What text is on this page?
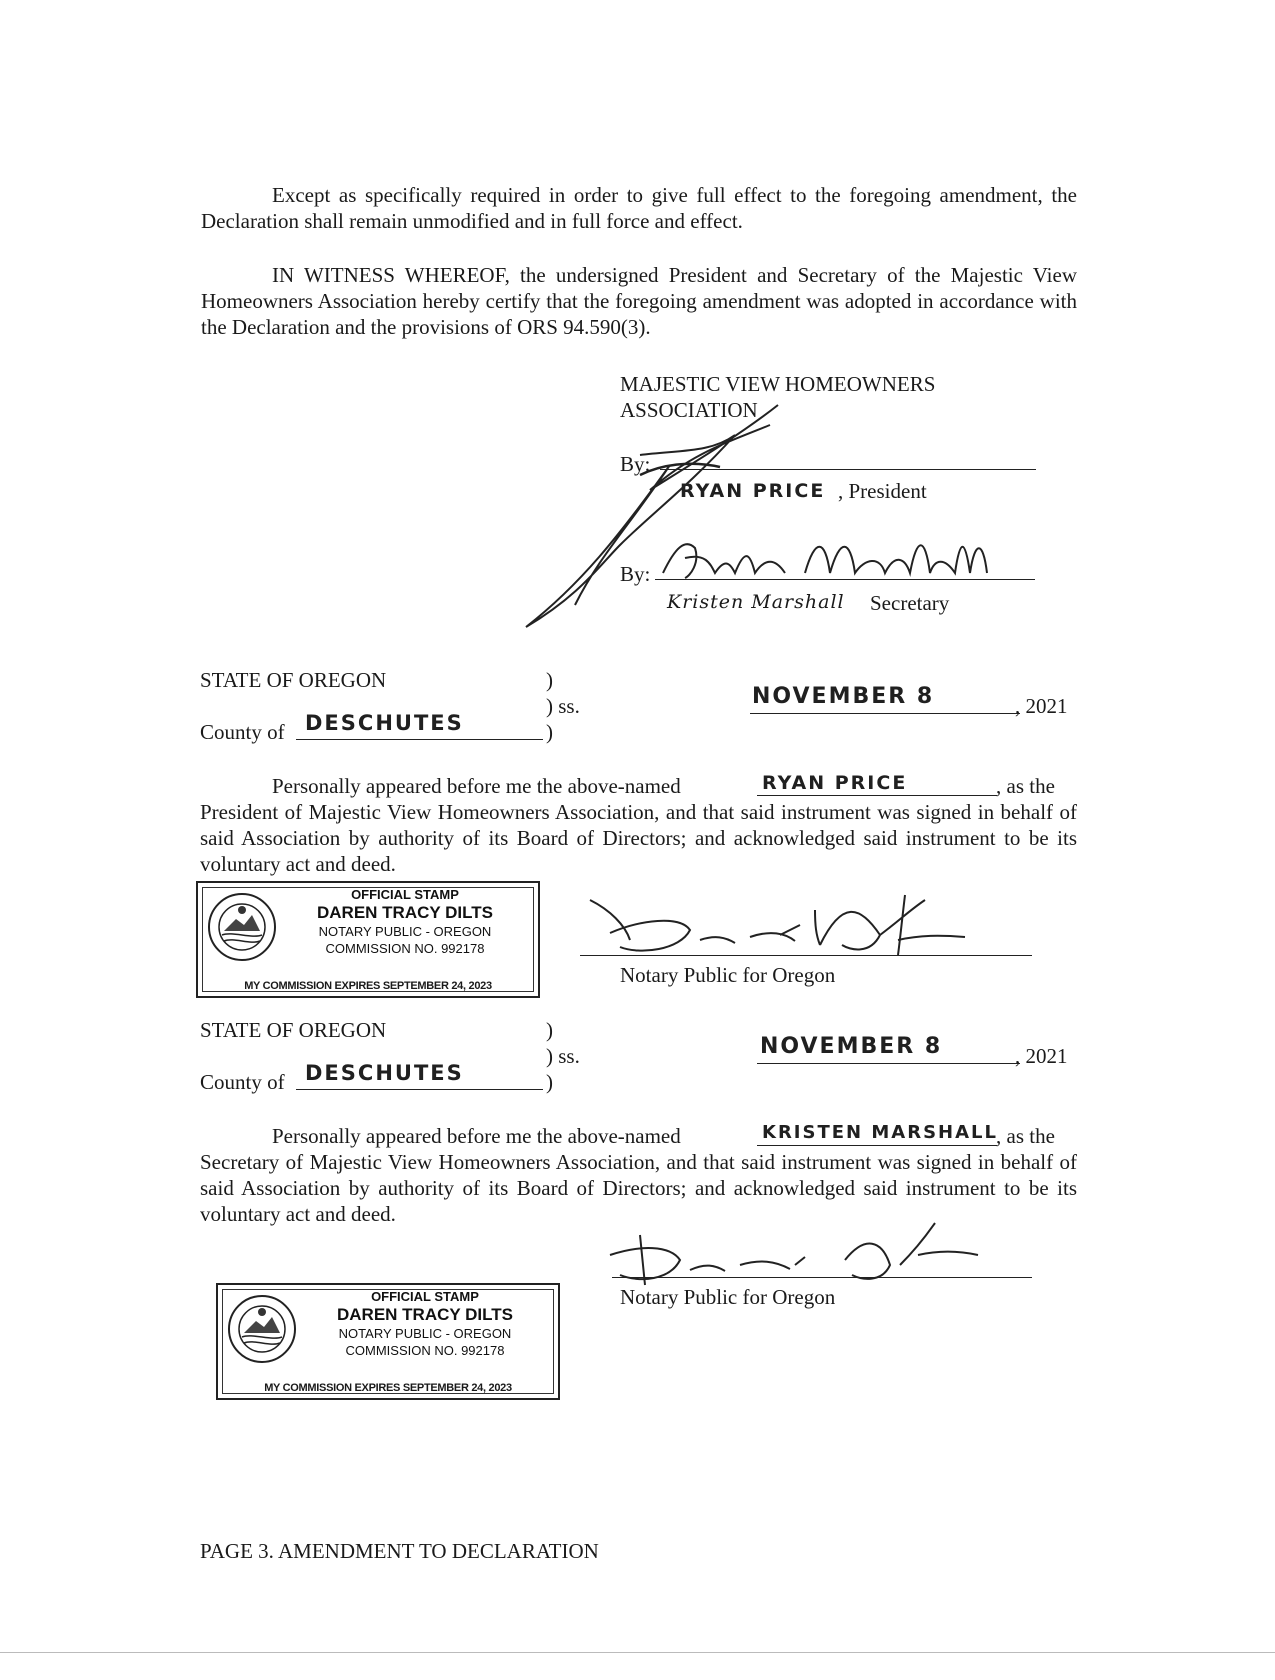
Except as specifically required in order to give full effect to the foregoing amendment, the Declaration shall remain unmodified and in full force and effect.
IN WITNESS WHEREOF, the undersigned President and Secretary of the Majestic View Homeowners Association hereby certify that the foregoing amendment was adopted in accordance with the Declaration and the provisions of ORS 94.590(3).
MAJESTIC VIEW HOMEOWNERS
ASSOCIATION
By:
RYAN PRICE , President
By:
Kristen Marshall Secretary
STATE OF OREGON	)
) ss.
)
County of DESCHUTES
NOVEMBER 8	, 2021
Personally appeared before me the above-named	RYAN PRICE	, as the
President of Majestic View Homeowners Association, and that said instrument was signed in behalf of said Association by authority of its Board of Directors; and acknowledged said instrument to be its voluntary act and deed.
OFFICIAL STAMP
DAREN TRACY DILTS
NOTARY PUBLIC - OREGON
COMMISSION NO. 992178
MY COMMISSION EXPIRES SEPTEMBER 24, 2023	Notary Public for Oregon
STATE OF OREGON	)
) ss.
)
County of DESCHUTES
NOVEMBER 8	, 2021
Personally appeared before me the above-named	KRISTEN MARSHALL
, as the
Secretary of Majestic View Homeowners Association, and that said instrument was signed in behalf of said Association by authority of its Board of Directors; and acknowledged said instrument to be its voluntary act and deed.
Notary Public for Oregon
OFFICIAL STAMP
DAREN TRACY DILTS
NOTARY PUBLIC - OREGON
COMMISSION NO. 992178
MY COMMISSION EXPIRES SEPTEMBER 24, 2023
PAGE 3. AMENDMENT TO DECLARATION
